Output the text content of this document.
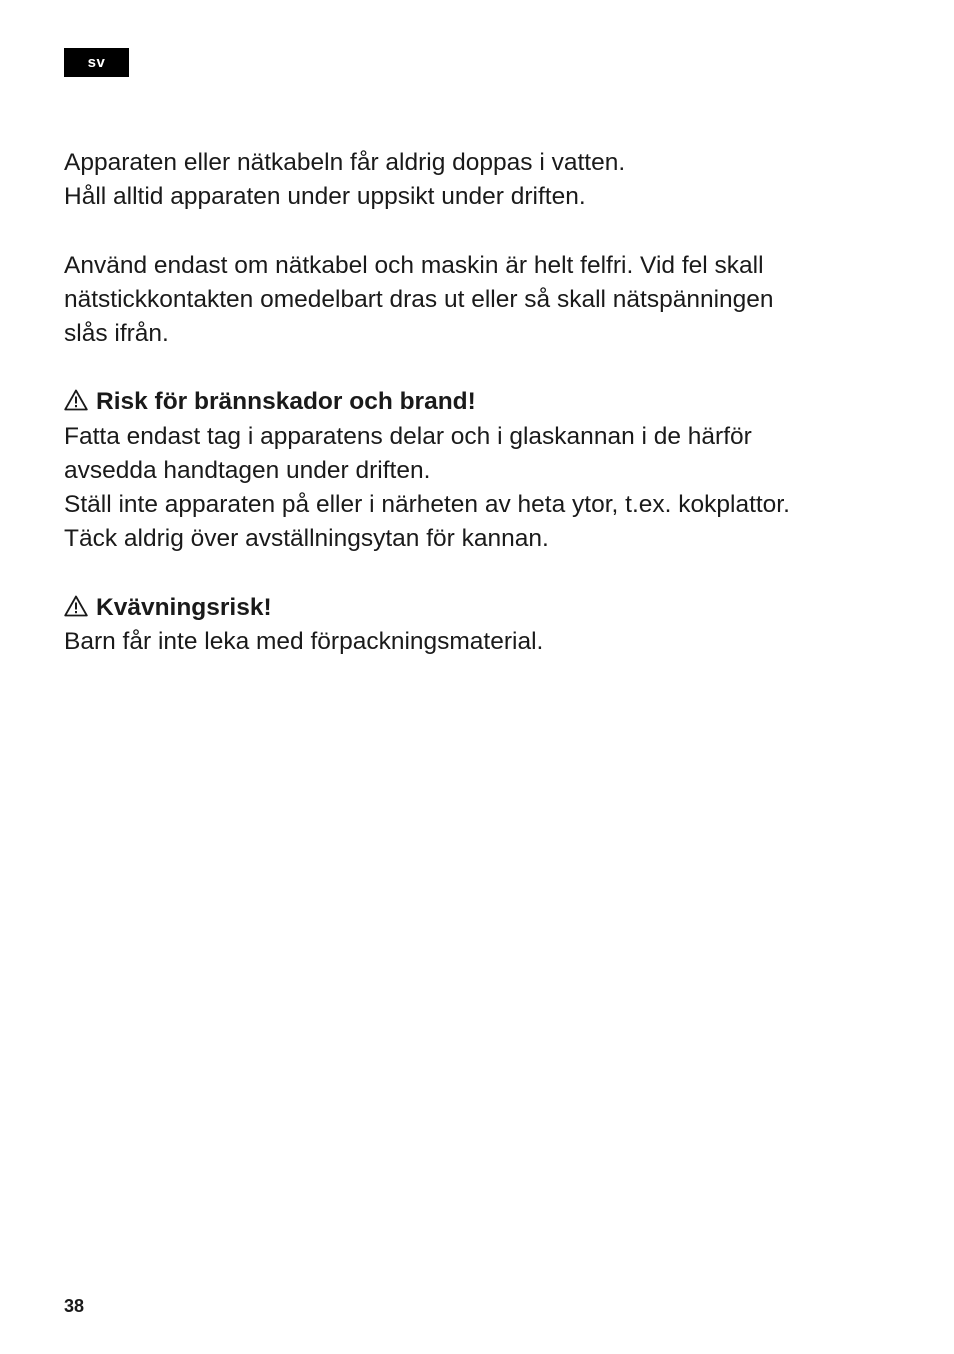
sv

Apparaten eller nätkabeln får aldrig doppas i vatten.
Håll alltid apparaten under uppsikt under driften.

Använd endast om nätkabel och maskin är helt felfri. Vid fel skall
nätstickkontakten omedelbart dras ut eller så skall nätspänningen
slås ifrån.

Risk för brännskador och brand!

Fatta endast tag i apparatens delar och i glaskannan i de härför
avsedda handtagen under driften.
Ställ inte apparaten på eller i närheten av heta ytor, t.ex. kokplattor.
Täck aldrig över avställningsytan för kannan.

Kvävningsrisk!

Barn får inte leka med förpackningsmaterial.

38
